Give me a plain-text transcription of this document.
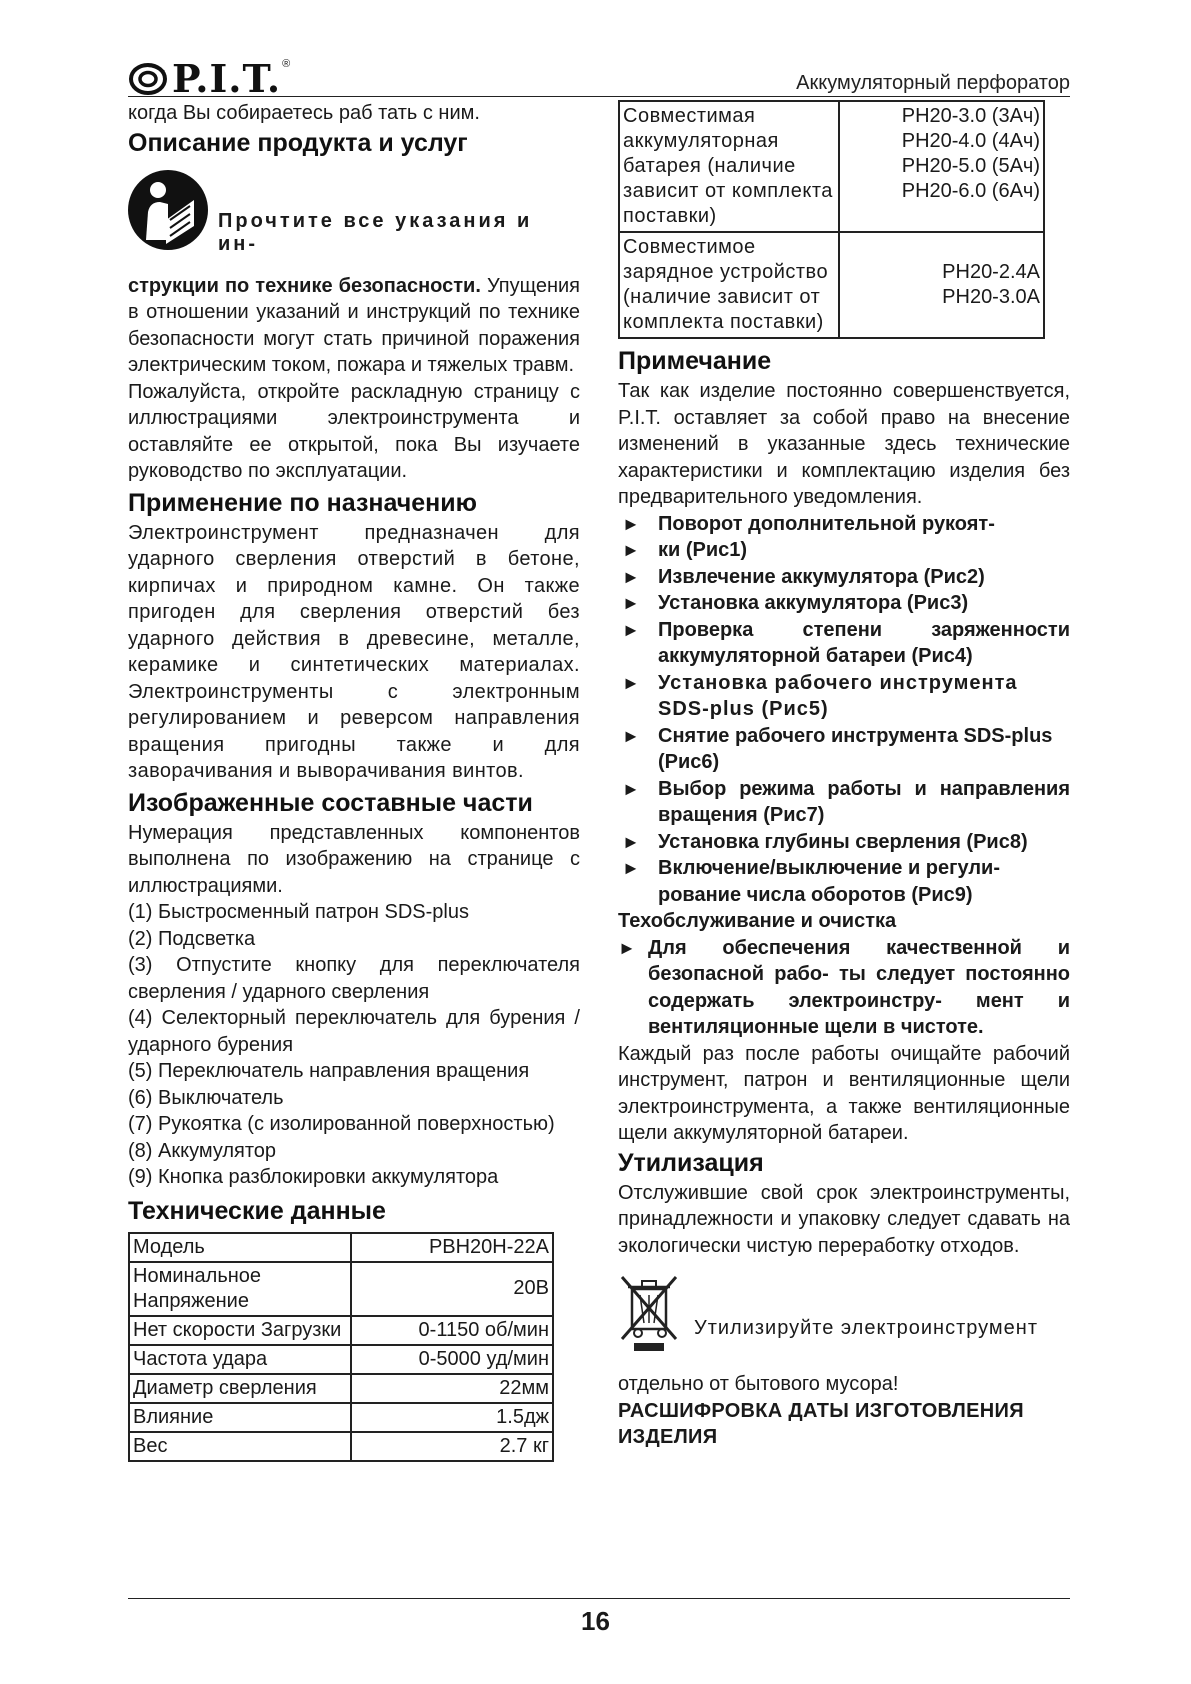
P.I.T. ®
Аккумуляторный перфоратор

когда Вы собираетесь раб тать с ним.

Описание продукта и услуг
Прочтите все указания и ин-

струкции по технике безопасности. Упущения в отношении указаний и инструкций по технике безопасности могут стать причиной поражения электрическим током, пожара и тяжелых травм.

Пожалуйста, откройте раскладную страницу с иллюстрациями электроинструмента и оставляйте ее открытой, пока Вы изучаете руководство по эксплуатации.

Применение по назначению

Электроинструмент предназначен для ударного сверления отверстий в бетоне, кирпичах и природном камне. Он также пригоден для сверления отверстий без ударного действия в древесине, металле, керамике и синтетических материалах. Электроинструменты с электронным регулированием и реверсом направления вращения пригодны также и для заворачивания и выворачивания винтов.

Изображенные составные части

Нумерация представленных компонентов выполнена по изображению на странице с иллюстрациями.

(1) Быстросменный патрон SDS-plus

(2) Подсветка

(3) Отпустите кнопку для переключателя сверления / ударного сверления

(4) Селекторный переключатель для бурения / ударного бурения

(5) Переключатель направления вращения

(6) Выключатель

(7) Рукоятка (с изолированной поверхностью)

(8) Аккумулятор

(9) Кнопка разблокировки аккумулятора

Технические данные
Модель	PBH20H-22A
Номинальное Напряжение	20В
Нет скорости Загрузки	0-1150 об/мин
Частота удара	0-5000 уд/мин
Диаметр сверления	22мм
Влияние	1.5дж
Вес	2.7 кг
Совместимая аккумуляторная батарея (наличие зависит от комплекта поставки)	PH20-3.0 (3Ач)
PH20-4.0 (4Ач)
PH20-5.0 (5Ач)
PH20-6.0 (6Ач)

Совместимое зарядное устройство (наличие зависит от комплекта поставки)	PH20-2.4A
PH20-3.0A
Примечание

Так как изделие постоянно совершенствуется, P.I.T. оставляет за собой право на внесение изменений в указанные здесь технические характеристики и комплектацию изделия без предварительного уведомления.

► Поворот дополнительной рукоят-
► ки (Рис1)
► Извлечение аккумулятора (Рис2)
► Установка аккумулятора (Рис3)
► Проверка степени заряженности аккумуляторной батареи (Рис4)
► Установка рабочего инструмента SDS-plus (Рис5)
► Снятие рабочего инструмента SDS-plus (Рис6)
► Выбор режима работы и направления вращения (Рис7)
► Установка глубины сверления (Рис8)
► Включение/выключение и регули-рование числа оборотов (Рис9)

Техобслуживание и очистка

► Для обеспечения качественной и безопасной рабо- ты следует постоянно содержать электроинстру- мент и вентиляционные щели в чистоте.

Каждый раз после работы очищайте рабочий инструмент, патрон и вентиляционные щели электроинструмента, а также вентиляционные щели аккумуляторной батареи.

Утилизация

Отслужившие свой срок электроинструменты, принадлежности и упаковку следует сдавать на экологически чистую переработку отходов.

Утилизируйте электроинструмент

отдельно от бытового мусора!

РАСШИФРОВКА ДАТЫ ИЗГОТОВЛЕНИЯ ИЗДЕЛИЯ

16
